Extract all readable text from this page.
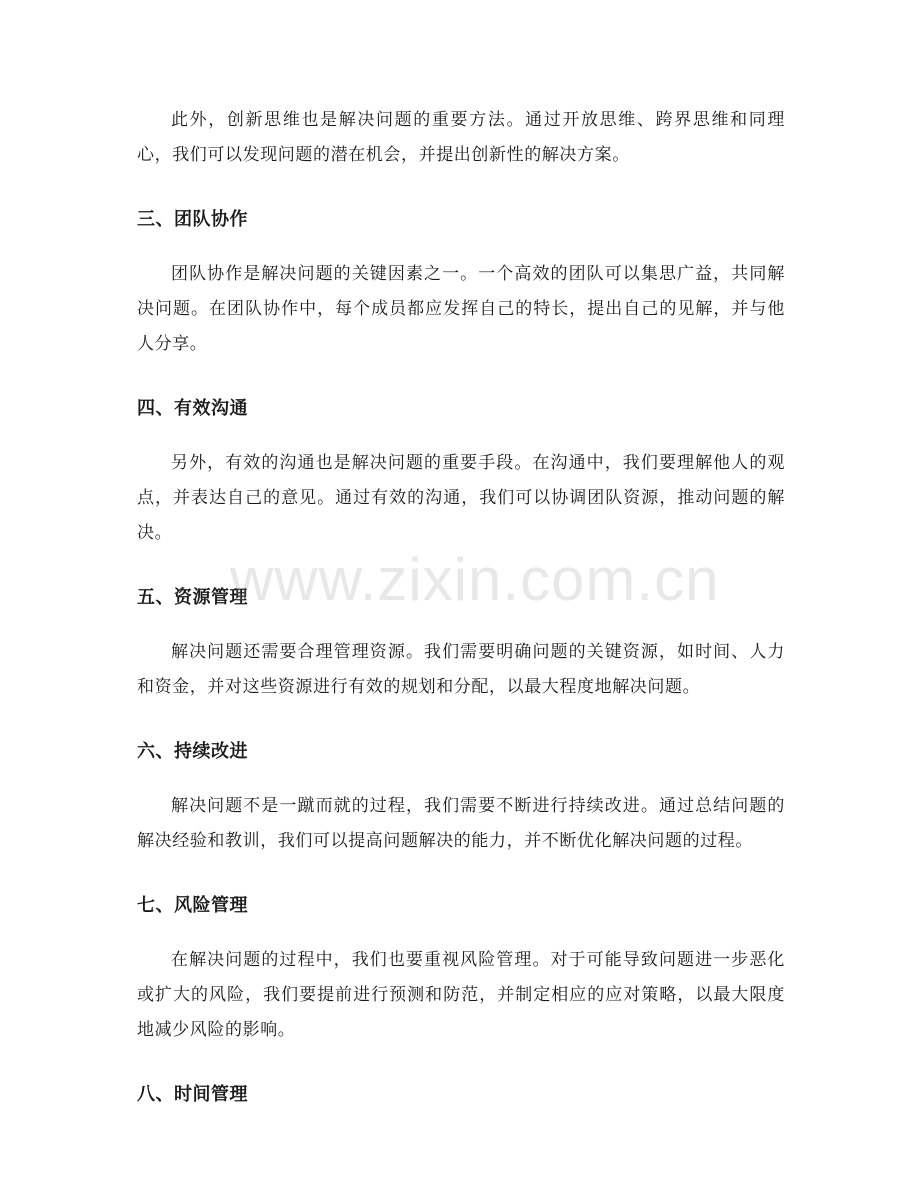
此外，创新思维也是解决问题的重要方法。通过开放思维、跨界思维和同理心，我们可以发现问题的潜在机会，并提出创新性的解决方案。

三、团队协作

团队协作是解决问题的关键因素之一。一个高效的团队可以集思广益，共同解决问题。在团队协作中，每个成员都应发挥自己的特长，提出自己的见解，并与他人分享。

四、有效沟通

另外，有效的沟通也是解决问题的重要手段。在沟通中，我们要理解他人的观点，并表达自己的意见。通过有效的沟通，我们可以协调团队资源，推动问题的解决。

五、资源管理

解决问题还需要合理管理资源。我们需要明确问题的关键资源，如时间、人力和资金，并对这些资源进行有效的规划和分配，以最大程度地解决问题。

六、持续改进

解决问题不是一蹴而就的过程，我们需要不断进行持续改进。通过总结问题的解决经验和教训，我们可以提高问题解决的能力，并不断优化解决问题的过程。

七、风险管理

在解决问题的过程中，我们也要重视风险管理。对于可能导致问题进一步恶化或扩大的风险，我们要提前进行预测和防范，并制定相应的应对策略，以最大限度地减少风险的影响。

八、时间管理
www.zixin.com.cn
